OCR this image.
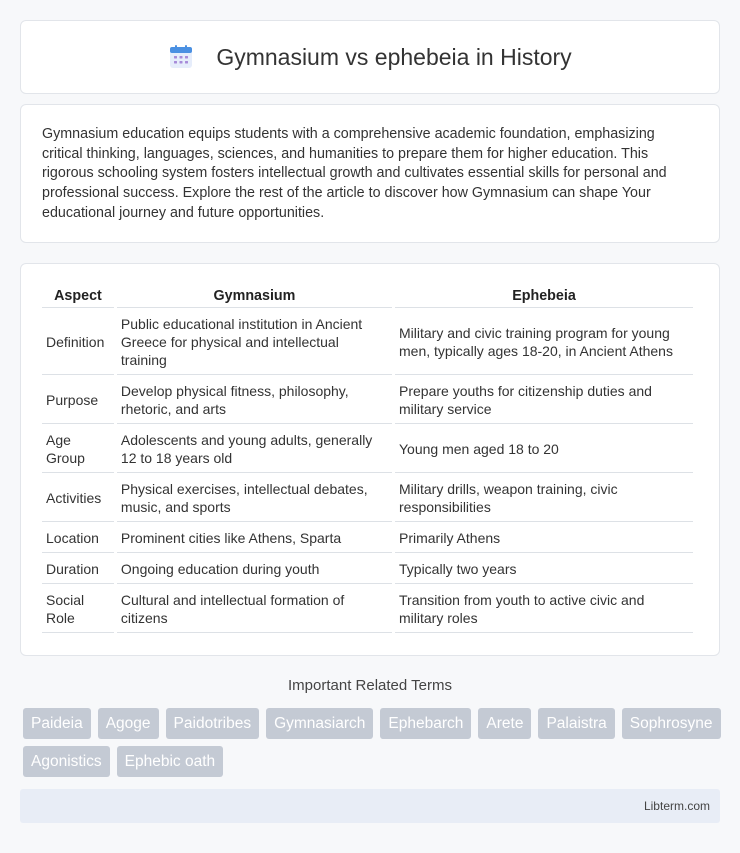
Gymnasium vs ephebeia in History

Gymnasium education equips students with a comprehensive academic foundation, emphasizing critical thinking, languages, sciences, and humanities to prepare them for higher education. This rigorous schooling system fosters intellectual growth and cultivates essential skills for personal and professional success. Explore the rest of the article to discover how Gymnasium can shape Your educational journey and future opportunities.

Aspect	Gymnasium	Ephebeia
Definition	Public educational institution in Ancient Greece for physical and intellectual training	Military and civic training program for young men, typically ages 18-20, in Ancient Athens
Purpose	Develop physical fitness, philosophy, rhetoric, and arts	Prepare youths for citizenship duties and military service
Age Group	Adolescents and young adults, generally 12 to 18 years old	Young men aged 18 to 20
Activities	Physical exercises, intellectual debates, music, and sports	Military drills, weapon training, civic responsibilities
Location	Prominent cities like Athens, Sparta	Primarily Athens
Duration	Ongoing education during youth	Typically two years
Social Role	Cultural and intellectual formation of citizens	Transition from youth to active civic and military roles
Important Related Terms
Paideia	Agoge	Paidotribes	Gymnasiarch	Ephebarch	Arete	Palaistra	Sophrosyne
Agonistics	Ephebic oath
Libterm.com
